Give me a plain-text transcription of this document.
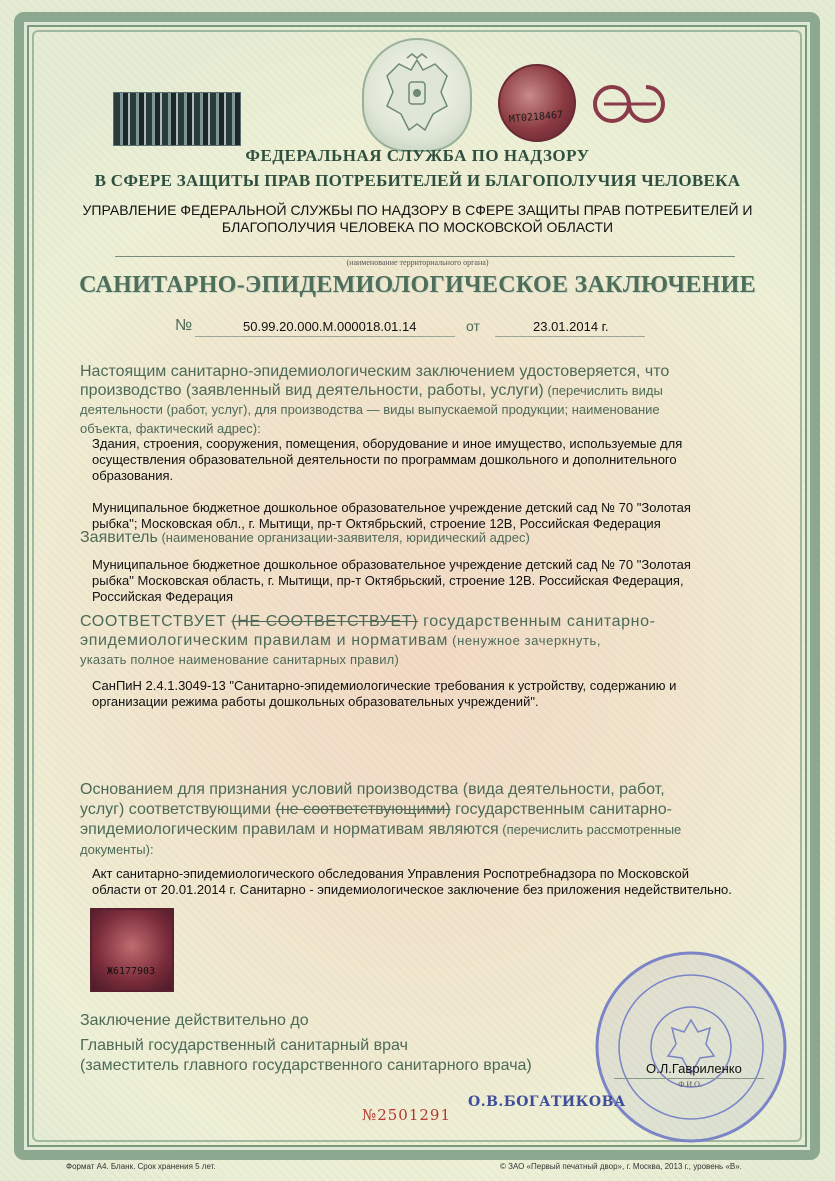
МТ0218467
ФЕДЕРАЛЬНАЯ СЛУЖБА ПО НАДЗОРУ
В СФЕРЕ ЗАЩИТЫ ПРАВ ПОТРЕБИТЕЛЕЙ И БЛАГОПОЛУЧИЯ ЧЕЛОВЕКА
УПРАВЛЕНИЕ ФЕДЕРАЛЬНОЙ СЛУЖБЫ ПО НАДЗОРУ В СФЕРЕ ЗАЩИТЫ ПРАВ ПОТРЕБИТЕЛЕЙ И
БЛАГОПОЛУЧИЯ ЧЕЛОВЕКА ПО МОСКОВСКОЙ ОБЛАСТИ
(наименование территориального органа)
САНИТАРНО-ЭПИДЕМИОЛОГИЧЕСКОЕ ЗАКЛЮЧЕНИЕ
№	50.99.20.000.М.000018.01.14	от	23.01.2014 г.
Настоящим санитарно-эпидемиологическим заключением удостоверяется, что
производство (заявленный вид деятельности, работы, услуги) (перечислить виды
деятельности (работ, услуг), для производства — виды выпускаемой продукции; наименование
объекта, фактический адрес):
Здания, строения, сооружения, помещения, оборудование и иное имущество, используемые для
осуществления образовательной деятельности по программам дошкольного и дополнительного
образования.
Муниципальное бюджетное дошкольное образовательное учреждение детский сад № 70 "Золотая
рыбка"; Московская обл., г. Мытищи, пр-т Октябрьский, строение 12В, Российская Федерация
Заявитель (наименование организации-заявителя, юридический адрес)
Муниципальное бюджетное дошкольное образовательное учреждение детский сад № 70 "Золотая
рыбка" Московская область, г. Мытищи, пр-т Октябрьский, строение 12В. Российская Федерация,
Российская Федерация
СООТВЕТСТВУЕТ (НЕ СООТВЕТСТВУЕТ) государственным санитарно-
эпидемиологическим правилам и нормативам (ненужное зачеркнуть,
указать полное наименование санитарных правил)
СанПиН 2.4.1.3049-13 "Санитарно-эпидемиологические требования к устройству, содержанию и
организации режима работы дошкольных образовательных учреждений".
Основанием для признания условий производства (вида деятельности, работ,
услуг) соответствующими (не соответствующими) государственным санитарно-
эпидемиологическим правилам и нормативам являются (перечислить рассмотренные
документы):
Акт санитарно-эпидемиологического обследования Управления Роспотребнадзора по Московской
области от 20.01.2014 г. Санитарно - эпидемиологическое заключение без приложения недействительно.
Ж6177903
Заключение действительно до
Главный государственный санитарный врач
(заместитель главного государственного санитарного врача)	О.Л.Гавриленко
Ф.И.О.
О.В.БОГАТИКОВА
№2501291
Формат А4. Бланк. Срок хранения 5 лет.	© ЗАО «Первый печатный двор», г. Москва, 2013 г., уровень «В».
